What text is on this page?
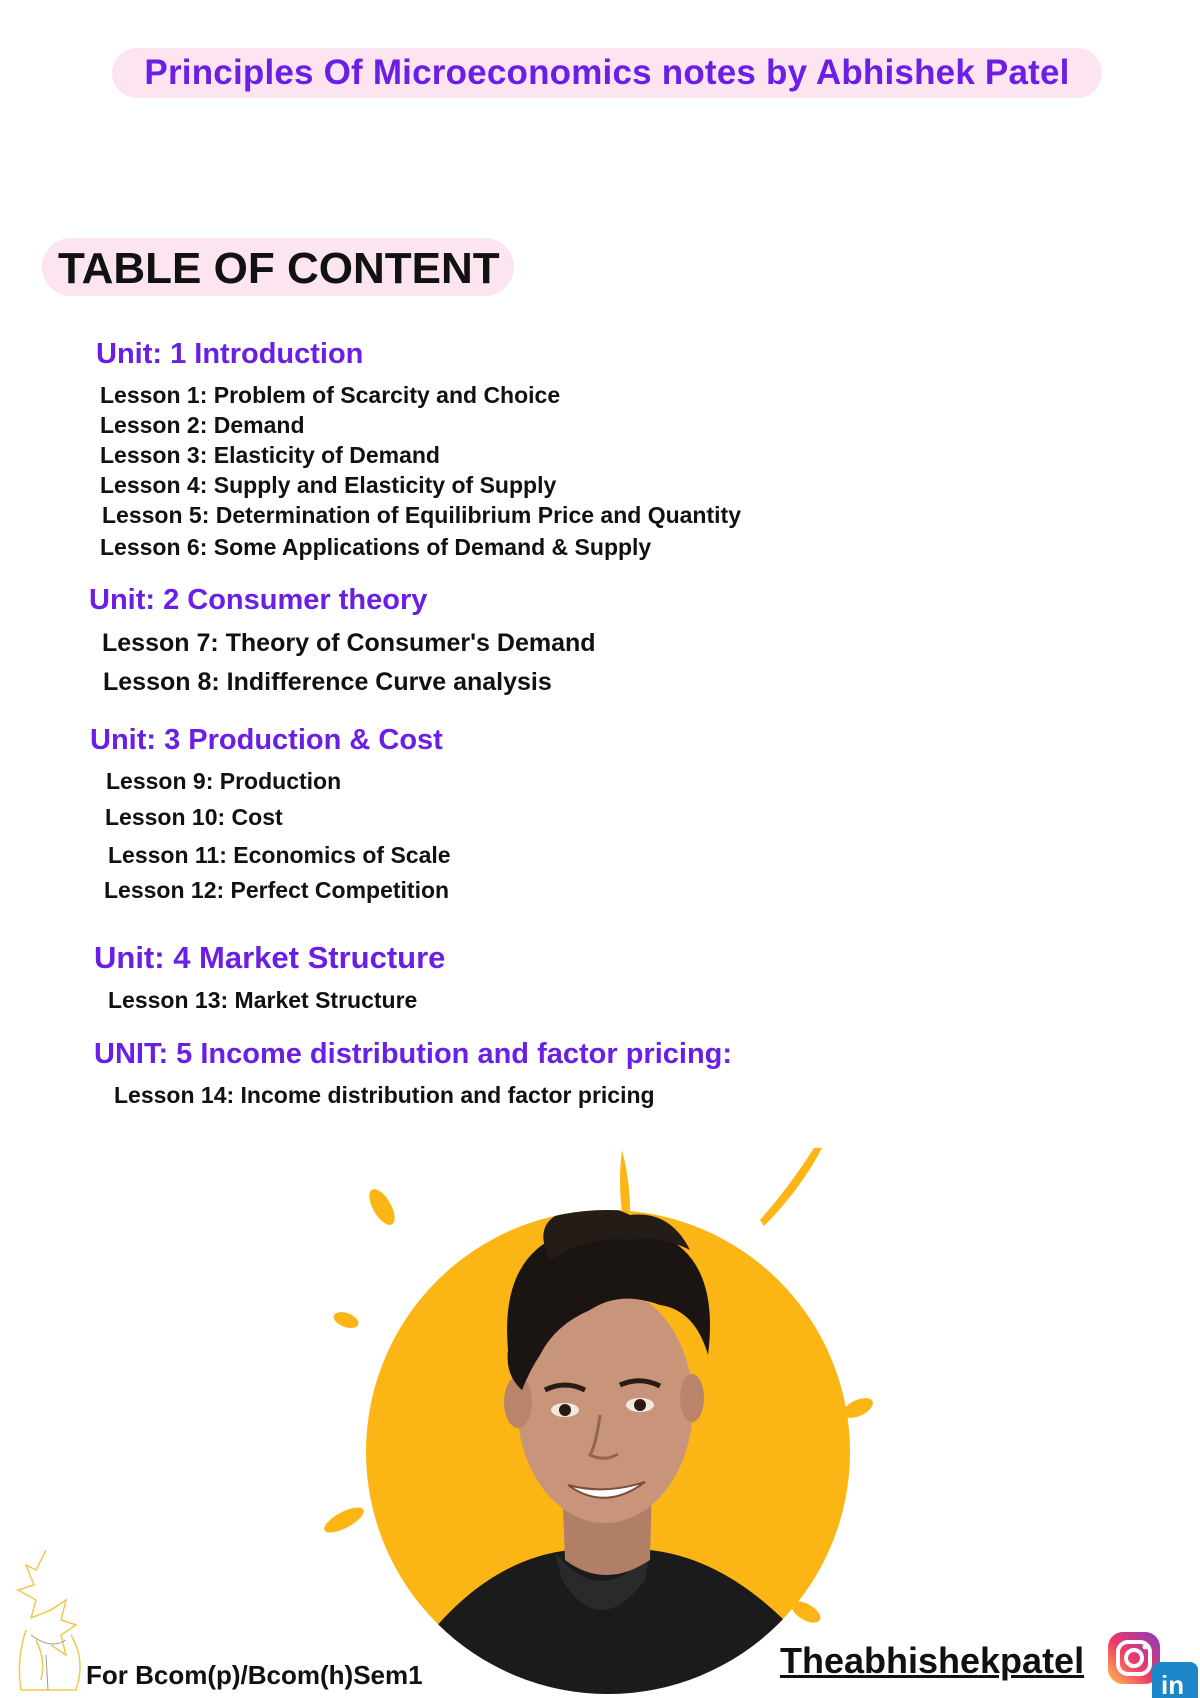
Principles Of Microeconomics notes by Abhishek Patel
TABLE OF CONTENT
Unit: 1 Introduction
Lesson 1: Problem of Scarcity and Choice
Lesson 2: Demand
Lesson 3: Elasticity of Demand
Lesson 4: Supply and Elasticity of Supply
Lesson 5: Determination of Equilibrium Price and Quantity
Lesson 6: Some Applications of Demand & Supply
Unit: 2 Consumer theory
Lesson 7: Theory of Consumer's Demand
Lesson 8: Indifference Curve analysis
Unit: 3 Production & Cost
Lesson 9: Production
Lesson 10: Cost
Lesson 11: Economics of Scale
Lesson 12: Perfect Competition
Unit: 4 Market Structure
Lesson 13: Market Structure
UNIT: 5 Income distribution and factor pricing:
Lesson 14: Income distribution and factor pricing
For Bcom(p)/Bcom(h)Sem1	Theabhishekpatel
in
